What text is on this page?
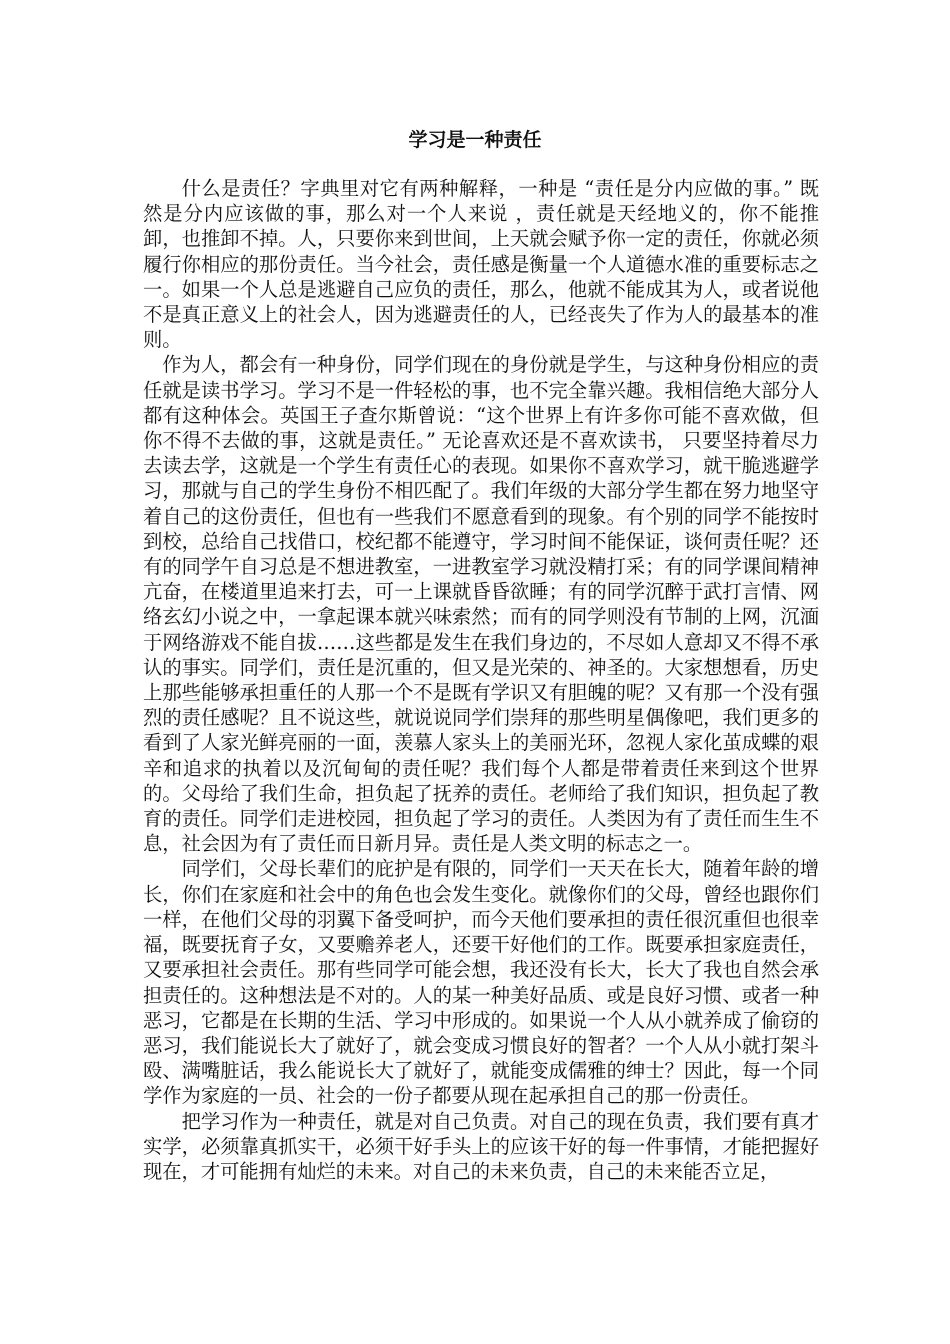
学习是一种责任

什么是责任？字典里对它有两种解释，一种是 “责任是分内应做的事。” 既然是分内应该做的事，那么对一个人来说 ，责任就是天经地义的，你不能推卸，也推卸不掉。人，只要你来到世间，上天就会赋予你一定的责任，你就必须履行你相应的那份责任。当今社会，责任感是衡量一个人道德水准的重要标志之一。如果一个人总是逃避自己应负的责任，那么，他就不能成其为人，或者说他不是真正意义上的社会人，因为逃避责任的人，已经丧失了作为人的最基本的准则。

作为人，都会有一种身份，同学们现在的身份就是学生，与这种身份相应的责任就是读书学习。学习不是一件轻松的事，也不完全靠兴趣。我相信绝大部分人都有这种体会。英国王子查尔斯曾说：“这个世界上有许多你可能不喜欢做，但你不得不去做的事，这就是责任。” 无论喜欢还是不喜欢读书， 只要坚持着尽力去读去学，这就是一个学生有责任心的表现。如果你不喜欢学习，就干脆逃避学习，那就与自己的学生身份不相匹配了。我们年级的大部分学生都在努力地坚守着自己的这份责任，但也有一些我们不愿意看到的现象。有个别的同学不能按时到校，总给自己找借口，校纪都不能遵守，学习时间不能保证，谈何责任呢？还有的同学午自习总是不想进教室，一进教室学习就没精打采；有的同学课间精神亢奋，在楼道里追来打去，可一上课就昏昏欲睡；有的同学沉醉于武打言情、网络玄幻小说之中，一拿起课本就兴味索然；而有的同学则没有节制的上网，沉湎于网络游戏不能自拔……这些都是发生在我们身边的，不尽如人意却又不得不承认的事实。同学们，责任是沉重的，但又是光荣的、神圣的。大家想想看，历史上那些能够承担重任的人那一个不是既有学识又有胆魄的呢？又有那一个没有强烈的责任感呢？且不说这些，就说说同学们崇拜的那些明星偶像吧，我们更多的看到了人家光鲜亮丽的一面，羡慕人家头上的美丽光环，忽视人家化茧成蝶的艰辛和追求的执着以及沉甸甸的责任呢？我们每个人都是带着责任来到这个世界的。父母给了我们生命，担负起了抚养的责任。老师给了我们知识，担负起了教育的责任。同学们走进校园，担负起了学习的责任。人类因为有了责任而生生不息，社会因为有了责任而日新月异。责任是人类文明的标志之一。

同学们，父母长辈们的庇护是有限的，同学们一天天在长大，随着年龄的增长，你们在家庭和社会中的角色也会发生变化。就像你们的父母，曾经也跟你们一样，在他们父母的羽翼下备受呵护，而今天他们要承担的责任很沉重但也很幸福，既要抚育子女，又要赡养老人，还要干好他们的工作。既要承担家庭责任，又要承担社会责任。那有些同学可能会想，我还没有长大，长大了我也自然会承担责任的。这种想法是不对的。人的某一种美好品质、或是良好习惯、或者一种恶习，它都是在长期的生活、学习中形成的。如果说一个人从小就养成了偷窃的恶习，我们能说长大了就好了，就会变成习惯良好的智者？一个人从小就打架斗殴、满嘴脏话，我么能说长大了就好了，就能变成儒雅的绅士？因此，每一个同学作为家庭的一员、社会的一份子都要从现在起承担自己的那一份责任。

把学习作为一种责任，就是对自己负责。对自己的现在负责，我们要有真才实学，必须靠真抓实干，必须干好手头上的应该干好的每一件事情，才能把握好现在，才可能拥有灿烂的未来。对自己的未来负责，自己的未来能否立足，
